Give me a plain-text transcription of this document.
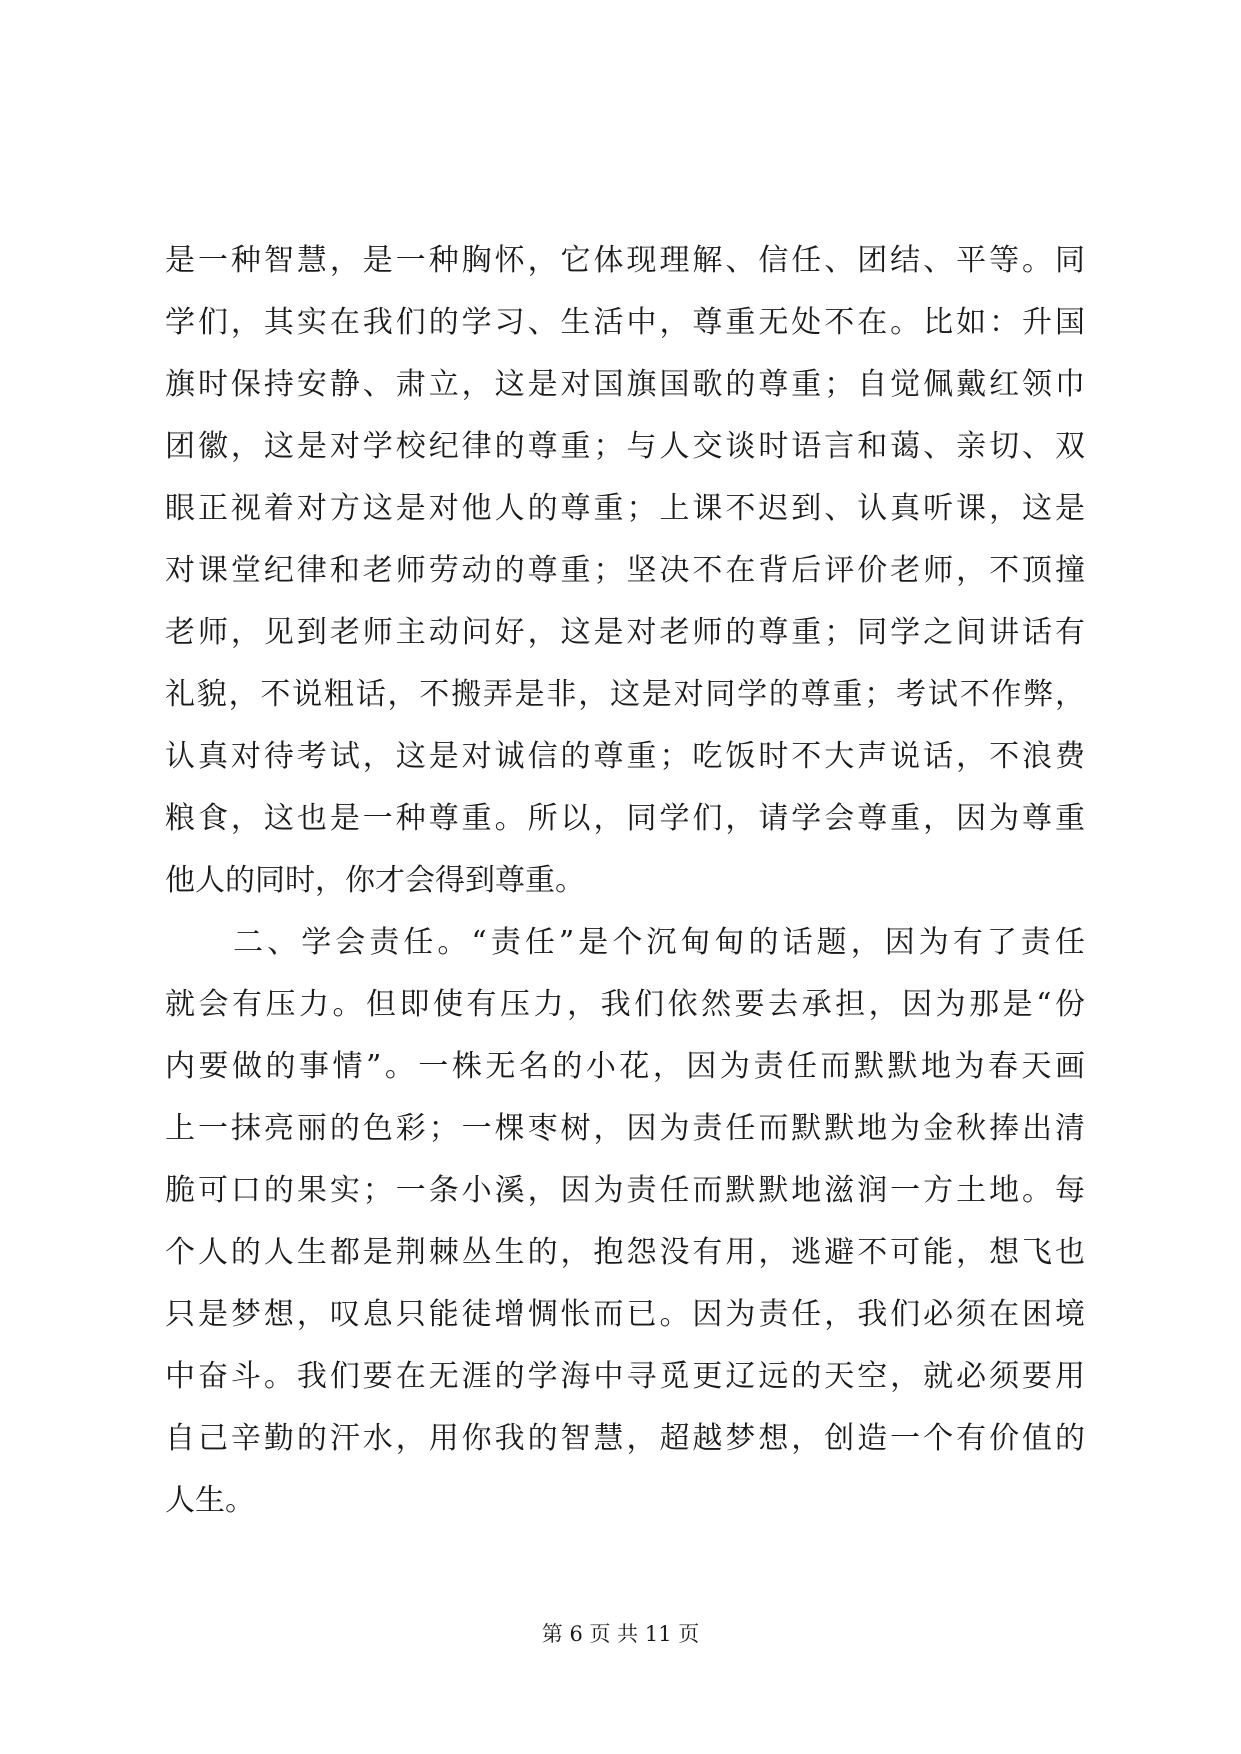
是一种智慧，是一种胸怀，它体现理解、信任、团结、平等。同
学们，其实在我们的学习、生活中，尊重无处不在。比如：升国
旗时保持安静、肃立，这是对国旗国歌的尊重；自觉佩戴红领巾
团徽，这是对学校纪律的尊重；与人交谈时语言和蔼、亲切、双
眼正视着对方这是对他人的尊重；上课不迟到、认真听课，这是
对课堂纪律和老师劳动的尊重；坚决不在背后评价老师，不顶撞
老师，见到老师主动问好，这是对老师的尊重；同学之间讲话有
礼貌，不说粗话，不搬弄是非，这是对同学的尊重；考试不作弊，
认真对待考试，这是对诚信的尊重；吃饭时不大声说话，不浪费
粮食，这也是一种尊重。所以，同学们，请学会尊重，因为尊重
他人的同时，你才会得到尊重。
　　二、学会责任。“责任”是个沉甸甸的话题，因为有了责任
就会有压力。但即使有压力，我们依然要去承担，因为那是“份
内要做的事情”。一株无名的小花，因为责任而默默地为春天画
上一抹亮丽的色彩；一棵枣树，因为责任而默默地为金秋捧出清
脆可口的果实；一条小溪，因为责任而默默地滋润一方土地。每
个人的人生都是荆棘丛生的，抱怨没有用，逃避不可能，想飞也
只是梦想，叹息只能徒增惆怅而已。因为责任，我们必须在困境
中奋斗。我们要在无涯的学海中寻觅更辽远的天空，就必须要用
自己辛勤的汗水，用你我的智慧，超越梦想，创造一个有价值的
人生。
第 6 页 共 11 页
